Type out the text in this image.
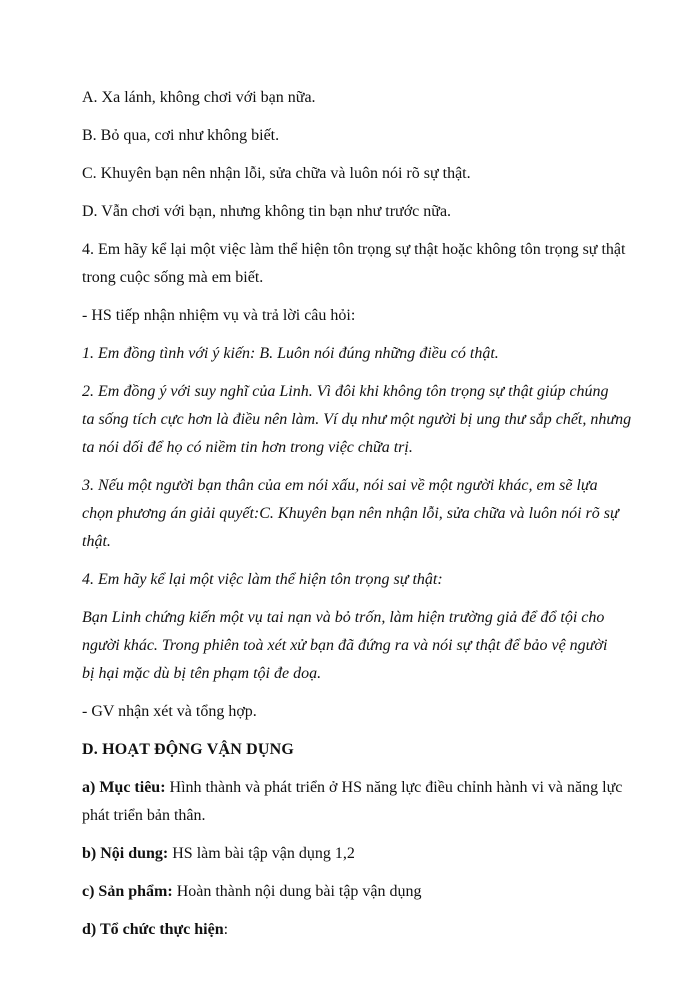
A. Xa lánh, không chơi với bạn nữa.
B. Bỏ qua, cơi như không biết.
C. Khuyên bạn nên nhận lỗi, sửa chữa và luôn nói rõ sự thật.
D. Vẫn chơi với bạn, nhưng không tin bạn như trước nữa.
4. Em hãy kể lại một việc làm thể hiện tôn trọng sự thật hoặc không tôn trọng sự thật
trong cuộc sống mà em biết.
- HS tiếp nhận nhiệm vụ và trả lời câu hỏi:
1. Em đồng tình với ý kiến: B. Luôn nói đúng những điều có thật.
2. Em đồng ý với suy nghĩ của Linh. Vì đôi khi không tôn trọng sự thật giúp chúng
ta sống tích cực hơn là điều nên làm. Ví dụ như một người bị ung thư sắp chết, nhưng
ta nói dối để họ có niềm tin hơn trong việc chữa trị.
3. Nếu một người bạn thân của em nói xấu, nói sai về một người khác, em sẽ lựa
chọn phương án giải quyết:C. Khuyên bạn nên nhận lỗi, sửa chữa và luôn nói rõ sự
thật.
4. Em hãy kể lại một việc làm thể hiện tôn trọng sự thật:
Bạn Linh chứng kiến một vụ tai nạn và bỏ trốn, làm hiện trường giả để đổ tội cho
người khác. Trong phiên toà xét xử bạn đã đứng ra và nói sự thật để bảo vệ người
bị hại mặc dù bị tên phạm tội đe doạ.
- GV nhận xét và tổng hợp.
D. HOẠT ĐỘNG VẬN DỤNG
a) Mục tiêu: Hình thành và phát triển ở HS năng lực điều chỉnh hành vi và năng lực
phát triển bản thân.
b) Nội dung: HS làm bài tập vận dụng 1,2
c) Sản phẩm: Hoàn thành nội dung bài tập vận dụng
d) Tổ chức thực hiện:
